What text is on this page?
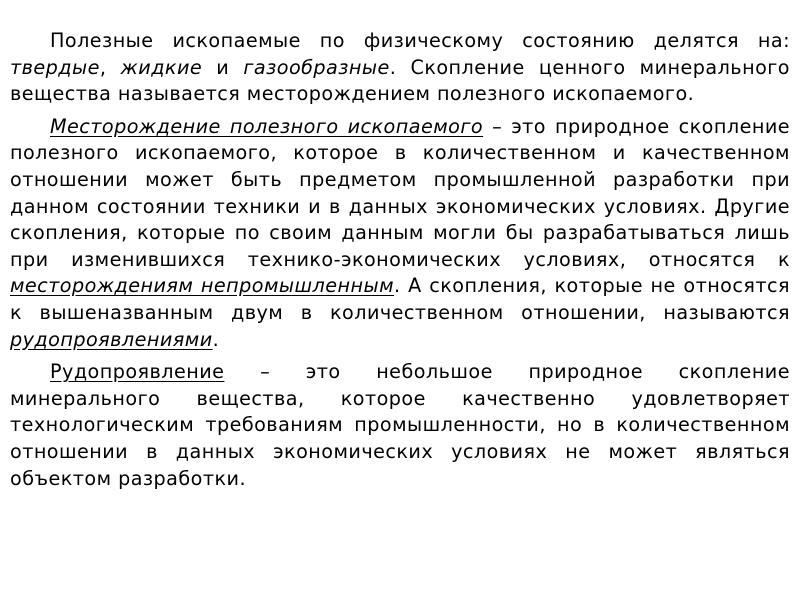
Полезные ископаемые по физическому состоянию делятся на: твердые, жидкие и газообразные. Скопление ценного минерального вещества называется месторождением полезного ископаемого.

Месторождение полезного ископаемого – это природное скопление полезного ископаемого, которое в количественном и качественном отношении может быть предметом промышленной разработки при данном состоянии техники и в данных экономических условиях. Другие скопления, которые по своим данным могли бы разрабатываться лишь при изменившихся технико-экономических условиях, относятся к месторождениям непромышленным. А скопления, которые не относятся к вышеназванным двум в количественном отношении, называются рудопроявлениями.

Рудопроявление – это небольшое природное скопление минерального вещества, которое качественно удовлетворяет технологическим требованиям промышленности, но в количественном отношении в данных экономических условиях не может являться объектом разработки.
